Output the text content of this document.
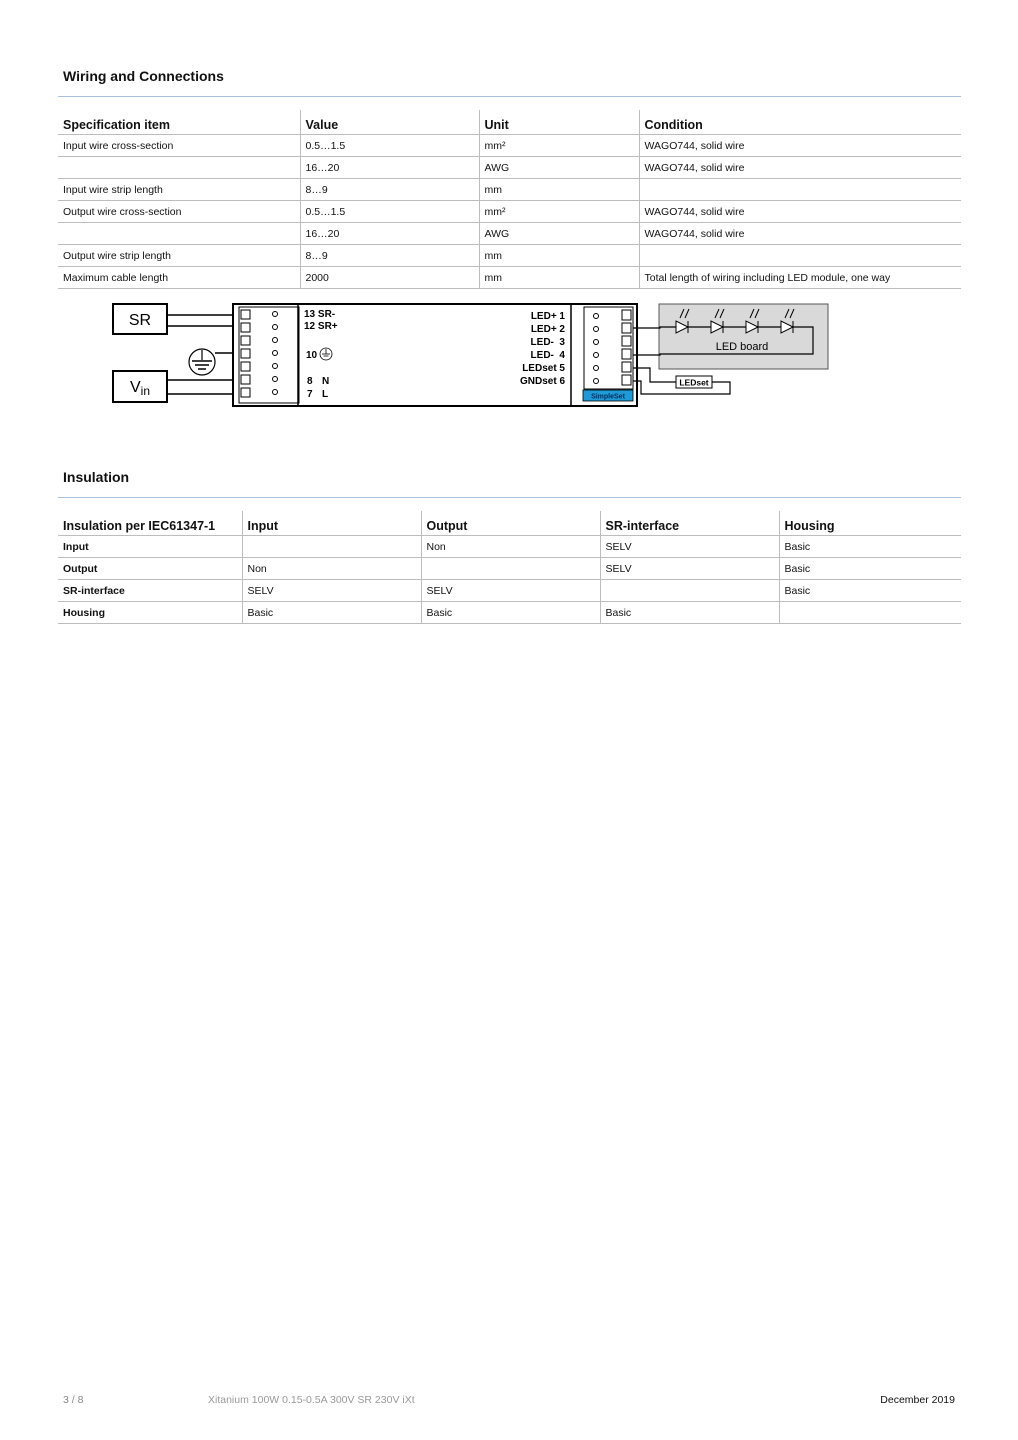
Wiring and Connections
Specification item	Value	Unit	Condition
Input wire cross-section	0.5…1.5	mm²	WAGO744, solid wire
	16…20	AWG	WAGO744, solid wire
Input wire strip length	8…9	mm	
Output wire cross-section	0.5…1.5	mm²	WAGO744, solid wire
	16…20	AWG	WAGO744, solid wire
Output wire strip length	8…9	mm	
Maximum cable length	2000	mm	Total length of wiring including LED module, one way
SR
Vin
13 SR-
12 SR+
10
8 N
7 L
LED+ 1
LED+ 2
LED-  3
LED-  4
LEDset 5
GNDset 6
SimpleSet
LED board
LEDset
Insulation
Insulation per IEC61347-1	Input	Output	SR-interface	Housing
Input		Non	SELV	Basic
Output	Non		SELV	Basic
SR-interface	SELV	SELV		Basic
Housing	Basic	Basic	Basic	
3 / 8	Xitanium 100W 0.15-0.5A 300V SR 230V iXt	December 2019
